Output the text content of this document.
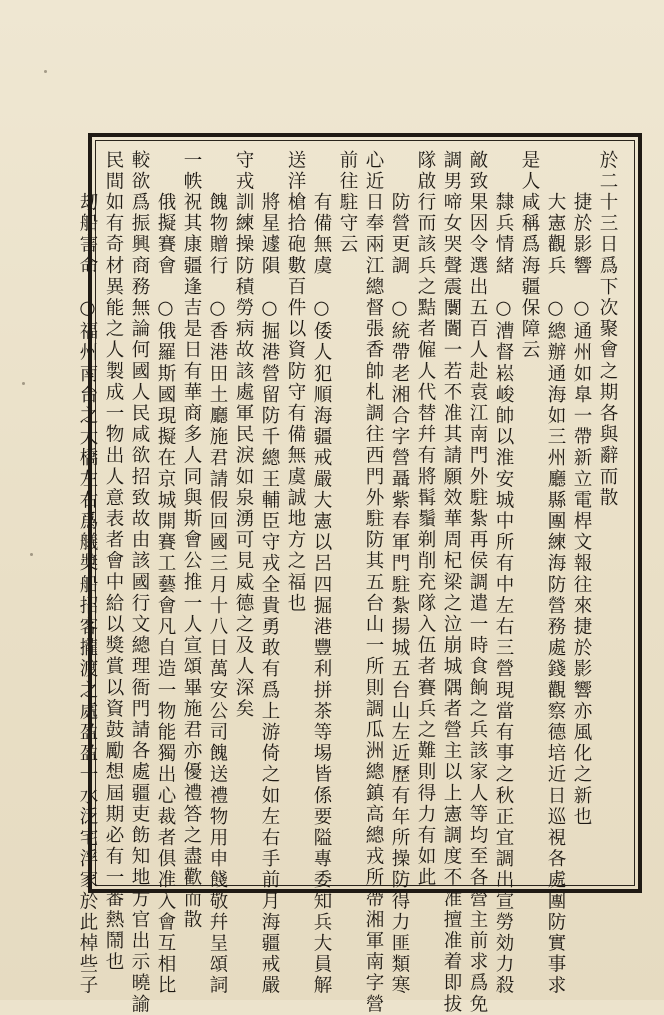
於二十三日爲下次聚會之期各與辭而散
　　捷於影響　○通州如臯一帶新立電桿文報往來捷於影響亦風化之新也
　　大憲觀兵　○總辦通海如三州廳縣團練海防營務處錢觀察德培近日巡視各處團防實事求
是人咸稱爲海疆保障云
　　隸兵情緒　○漕督崧峻帥以淮安城中所有中左右三營現當有事之秋正宜調出宣勞効力殺
敵致果因令選出五百人赴袁江南門外駐紮再侯調遣一時食餉之兵該家人等均至各營主前求爲免
調男啼女哭聲震闤闠一若不准其請願效華周杞梁之泣崩城隅者營主以上憲調度不准擅准着即拔
隊啟行而該兵之黠者僱人代替幷有將髯鬚剃削充隊入伍者賽兵之難則得力有如此
　　防營更調　○統帶老湘合字營聶紫春軍門駐紮揚城五台山左近歷有年所操防得力匪類寒
心近日奉兩江總督張香帥札調往西門外駐防其五台山一所則調瓜洲總鎮高總戎所帶湘軍南字營
前往駐守云
　　有備無虞　○倭人犯順海疆戒嚴大憲以呂四掘港豐利拼茶等埸皆係要隘專委知兵大員解
送洋槍拾砲數百件以資防守有備無虞誠地方之福也
　　將星遽隕　○掘港營留防千總王輔臣守戎全貴勇敢有爲上游倚之如左右手前月海疆戒嚴
守戎訓練操防積勞病故該處軍民淚如泉湧可見威德之及人深矣
　　餽物贈行　○香港田土廳施君請假回國三月十八日萬安公司餽送禮物用申餞敬幷呈頌詞
一帙祝其康疆逢吉是日有華商多人同與斯會公推一人宣頌畢施君亦優禮答之盡歡而散
　　俄擬賽會　○俄羅斯國現擬在京城開賽工藝會凡自造一物能獨出心裁者俱准入會互相比
較欲爲振興商務無論何國人民咸欲招致故由該國行文總理衙門請各處疆吏飭知地方官出示曉諭
民間如有奇材異能之人製成一物出人意表者會中給以獎賞以資鼓勵想屆期必有一番熱鬧也
　　刼船害命　○福州南台之大橋左右爲艤槳船招客攏渡之處盈盈一水泛宅浮家於此棹些子
